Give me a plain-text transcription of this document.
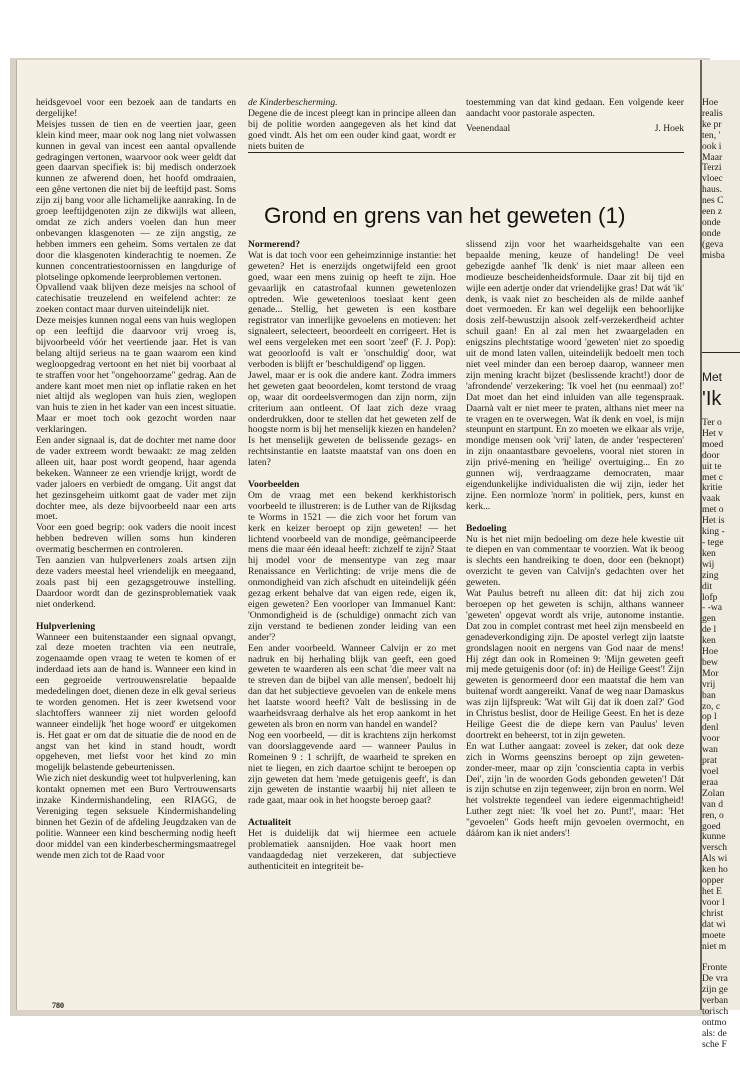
heidsgevoel voor een bezoek aan de tandarts en dergelijke!

Meisjes tussen de tien en de veertien jaar, geen klein kind meer, maar ook nog lang niet volwassen kunnen in geval van incest een aantal opvallende gedragingen vertonen, waarvoor ook weer geldt dat geen daarvan specifiek is: bij medisch onderzoek kunnen ze afwerend doen, het hoofd omdraaien, een gêne vertonen die niet bij de leeftijd past. Soms zijn zij bang voor alle lichamelijke aanraking. In de groep leeftijdgenoten zijn ze dikwijls wat alleen, omdat ze zich anders voelen dan hun meer onbevangen klasgenoten — ze zijn angstig, ze hebben immers een geheim. Soms vertalen ze dat door die klasgenoten kinderachtig te noemen. Ze kunnen concentratiestoornissen en langdurige of plotselinge opkomende leerproblemen vertonen.

Opvallend vaak blijven deze meisjes na school of catechisatie treuzelend en weifelend achter: ze zoeken contact maar durven uiteindelijk niet.

Deze meisjes kunnen nogal eens van huis weglopen op een leeftijd die daarvoor vrij vroeg is, bijvoorbeeld vóór het veertiende jaar. Het is van belang altijd serieus na te gaan waarom een kind wegloopgedrag vertoont en het niet bij voorbaat al te straffen voor het "ongehoorzame" gedrag. Aan de andere kant moet men niet op inflatie raken en het niet altijd als weglopen van huis zien, weglopen van huis te zien in het kader van een incest situatie. Maar er moet toch ook gezocht worden naar verklaringen.

Een ander signaal is, dat de dochter met name door de vader extreem wordt bewaakt: ze mag zelden alleen uit, haar post wordt geopend, haar agenda bekeken. Wanneer ze een vriendje krijgt, wordt de vader jaloers en verbiedt de omgang. Uit angst dat het gezinsgeheim uitkomt gaat de vader met zijn dochter mee, als deze bijvoorbeeld naar een arts moet.

Voor een goed begrip: ook vaders die nooit incest hebben bedreven willen soms hun kinderen overmatig beschermen en controleren.

Ten aanzien van hulpverleners zoals artsen zijn deze vaders meestal heel vriendelijk en meegaand, zoals past bij een gezagsgetrouwe instelling. Daardoor wordt dan de gezinsproblematiek vaak niet onderkend.

Hulpverlening

Wanneer een buitenstaander een signaal opvangt, zal deze moeten trachten via een neutrale, zogenaamde open vraag te weten te komen of er inderdaad iets aan de hand is. Wanneer een kind in een gegroeide vertrouwensrelatie bepaalde mededelingen doet, dienen deze in elk geval serieus te worden genomen. Het is zeer kwetsend voor slachtoffers wanneer zij niet worden geloofd wanneer eindelijk 'het hoge woord' er uitgekomen is. Het gaat er om dat de situatie die de nood en de angst van het kind in stand houdt, wordt opgeheven, met liefst voor het kind zo min mogelijk belastende gebeurtenissen.

Wie zich niet deskundig weet tot hulpverlening, kan kontakt opnemen met een Buro Vertrouwensarts inzake Kindermishandeling, een RIAGG, de Vereniging tegen seksuele Kindermishandeling binnen het Gezin of de afdeling Jeugdzaken van de politie. Wanneer een kind bescherming nodig heeft door middel van een kinderbeschermingsmaatregel wende men zich tot de Raad voor

de Kinderbescherming.

Degene die de incest pleegt kan in principe alleen dan bij de politie worden aangegeven als het kind dat goed vindt. Als het om een ouder kind gaat, wordt er niets buiten de

toestemming van dat kind gedaan. Een volgende keer aandacht voor pastorale aspecten.

Veenendaal	J. Hoek
Grond en grens van het geweten (1)
Normerend?

Wat is dat toch voor een geheimzinnige instantie: het geweten? Het is enerzijds ongetwijfeld een groot goed, waar een mens zuinig op heeft te zijn. Hoe gevaarlijk en catastrofaal kunnen gewetenlozen optreden. Wie gewetenloos toeslaat kent geen genade... Stellig, het geweten is een kostbare registrator van innerlijke gevoelens en motieven: het signaleert, selecteert, beoordeelt en corrigeert. Het is wel eens vergeleken met een soort 'zeef' (F. J. Pop): wat geoorloofd is valt er 'onschuldig' door, wat verboden is blijft er 'beschuldigend' op liggen.

Jawel, maar er is ook die andere kant. Zodra immers het geweten gaat beoordelen, komt terstond de vraag op, waar dit oordeelsvermogen dan zijn norm, zijn criterium aan ontleent. Of laat zich deze vraag onderdrukken, door te stellen dat het geweten zelf de hoogste norm is bij het menselijk kiezen en handelen? Is het menselijk geweten de belissende gezags- en rechtsinstantie en laatste maatstaf van ons doen en laten?

Voorbeelden

Om de vraag met een bekend kerkhistorisch voorbeeld te illustreren: is de Luther van de Rijksdag te Worms in 1521 — die zich voor het forum van kerk en keizer beroept op zijn geweten! — het lichtend voorbeeld van de mondige, geëmancipeerde mens die maar één ideaal heeft: zichzelf te zijn? Staat hij model voor de mensentype van zeg maar Renaissance en Verlichting: de vrije mens die de onmondigheid van zich afschudt en uiteindelijk géén gezag erkent behalve dat van eigen rede, eigen ik, eigen geweten? Een voorloper van Immanuel Kant: 'Onmondigheid is de (schuldige) onmacht zich van zijn verstand te bedienen zonder leiding van een ander'?

Een ander voorbeeld. Wanneer Calvijn er zo met nadruk en bij herhaling blijk van geeft, een goed geweten te waarderen als een schat 'die meer valt na te streven dan de bijbel van alle mensen', bedoelt hij dan dat het subjectieve gevoelen van de enkele mens het laatste woord heeft? Valt de beslissing in de waarheidsvraag derhalve als het erop aankomt in het geweten als bron en norm van handel en wandel?

Nog een voorbeeld, — dit is krachtens zijn herkomst van doorslaggevende aard — wanneer Paulus in Romeinen 9 : 1 schrijft, de waarheid te spreken en niet te liegen, en zich daartoe schijnt te beroepen op zijn geweten dat hem 'mede getuigenis geeft', is dan zijn geweten de instantie waarbij hij niet alleen te rade gaat, maar ook in het hoogste beroep gaat?

Actualiteit

Het is duidelijk dat wij hiermee een actuele problematiek aansnijden. Hoe vaak hoort men vandaagdedag niet verzekeren, dat subjectieve authenticiteit en integriteit be-

slissend zijn voor het waarheidsgehalte van een bepaalde mening, keuze of handeling! De veel gebezigde aanhef 'Ik denk' is niet maar alleen een modieuze bescheidenheidsformule. Daar zit bij tijd en wijle een adertje onder dat vriendelijke gras! Dat wát 'ik' denk, is vaak niet zo bescheiden als de milde aanhef doet vermoeden. Er kan wel degelijk een behoorlijke dosis zelf-bewustzijn alsook zelf-verzekerdheid achter schuil gaan! En al zal men het zwaargeladen en enigszins plechtstatige woord 'geweten' niet zo spoedig uit de mond laten vallen, uiteindelijk bedoelt men toch niet veel minder dan een beroep daarop, wanneer men zijn mening kracht bijzet (beslissende kracht!) door de 'afrondende' verzekering: 'Ik voel het (nu eenmaal) zo!' Dat moet dan het eind inluiden van alle tegenspraak. Daarnà valt er niet meer te praten, althans niet meer na te vragen en te overwegen. Wat ík denk en voel, is mijn steunpunt en startpunt. En zo moeten we elkaar als vrije, mondige mensen ook 'vrij' laten, de ander 'respecteren' in zijn onaantastbare gevoelens, vooral niet storen in zijn privé-mening en 'heilige' overtuiging... En zo gunnen wij, verdraagzame democraten, maar eigendunkelijke individualisten die wij zijn, ieder het zijne. Een normloze 'norm' in politiek, pers, kunst en kerk...

Bedoeling

Nu is het niet mijn bedoeling om deze hele kwestie uit te diepen en van commentaar te voorzien. Wat ik beoog is slechts een handreiking te doen, door een (beknopt) overzicht te geven van Calvijn's gedachten over het geweten.

Wat Paulus betreft nu alleen dit: dat hij zich zou beroepen op het geweten is schijn, althans wanneer 'geweten' opgevat wordt als vrije, autonome instantie. Dat zou in complet contrast met heel zijn mensbeeld en genadeverkondiging zijn. De apostel verlegt zijn laatste grondslagen nooit en nergens van God naar de mens! Hij zégt dan ook in Romeinen 9: 'Mijn geweten geeft mij mede getuigenis door (of: in) de Heilige Geest'! Zijn geweten is genormeerd door een maatstaf die hem van buitenaf wordt aangereikt. Vanaf de weg naar Damaskus was zijn lijfspreuk: 'Wat wilt Gij dat ik doen zal?' God in Christus beslist, door de Heilige Geest. En het is deze Heilige Geest die de diepe kern van Paulus' leven doortrekt en beheerst, tot in zijn geweten.

En wat Luther aangaat: zoveel is zeker, dat ook deze zich in Worms geenszins beroept op zijn geweten-zonder-meer, maar op zijn 'conscientia capta in verbis Dei', zijn 'in de woorden Gods gebonden geweten'! Dát is zijn schutse en zijn tegenweer, zijn bron en norm. Wel het volstrekte tegendeel van iedere eigenmachtigheid! Luther zegt niet: 'Ik voel het zo. Punt!', maar: 'Het "gevoelen" Gods heeft mijn gevoelen overmocht, en dáárom kan ik niet anders'!

780
Hoe
realis
ke pr
ten, '
ook i
Maar
Terzi
vloec
haus.
nes C
een z
onde
onde
(geva
misba
Met
'Ik
Ter o
Het v
moed
door
uit te
met c
kritie
vaak
met o
Het is
king -
- tege
ken
wij
zing
dit
lofp
- -wa
gen
de l
ken
Hoe
bew
Mor
vrij
ban
zo, c
op l
denl
voor
wan
prat
voel
eraa
Zolan
van d
ren, o
goed
kunne
versch
Als wi
ken ho
opper
het E
voor l
christ
dat wi
moete
niet m

Fronte
De vra
zijn ge
verban
torisch
ontmo
als: de
sche F
